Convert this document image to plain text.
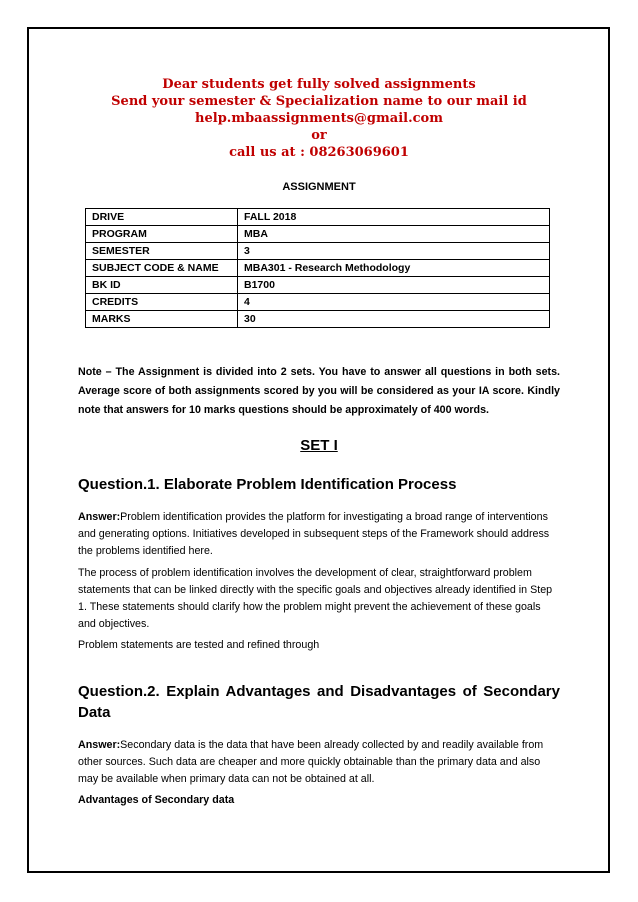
Dear students get fully solved assignments
Send your semester & Specialization name to our mail id
help.mbaassignments@gmail.com
or
call us at : 08263069601
ASSIGNMENT
DRIVE	FALL 2018
PROGRAM	MBA
SEMESTER	3
SUBJECT CODE & NAME	MBA301 - Research Methodology
BK ID	B1700
CREDITS	4
MARKS	30
Note – The Assignment is divided into 2 sets. You have to answer all questions in both sets. Average score of both assignments scored by you will be considered as your IA score. Kindly note that answers for 10 marks questions should be approximately of 400 words.
SET I
Question.1. Elaborate Problem Identification Process
Answer:Problem identification provides the platform for investigating a broad range of interventions and generating options. Initiatives developed in subsequent steps of the Framework should address the problems identified here.
The process of problem identification involves the development of clear, straightforward problem statements that can be linked directly with the specific goals and objectives already identified in Step 1. These statements should clarify how the problem might prevent the achievement of these goals and objectives.
Problem statements are tested and refined through
Question.2. Explain Advantages and Disadvantages of Secondary
Data
Answer:Secondary data is the data that have been already collected by and readily available from other sources. Such data are cheaper and more quickly obtainable than the primary data and also may be available when primary data can not be obtained at all.
Advantages of Secondary data
